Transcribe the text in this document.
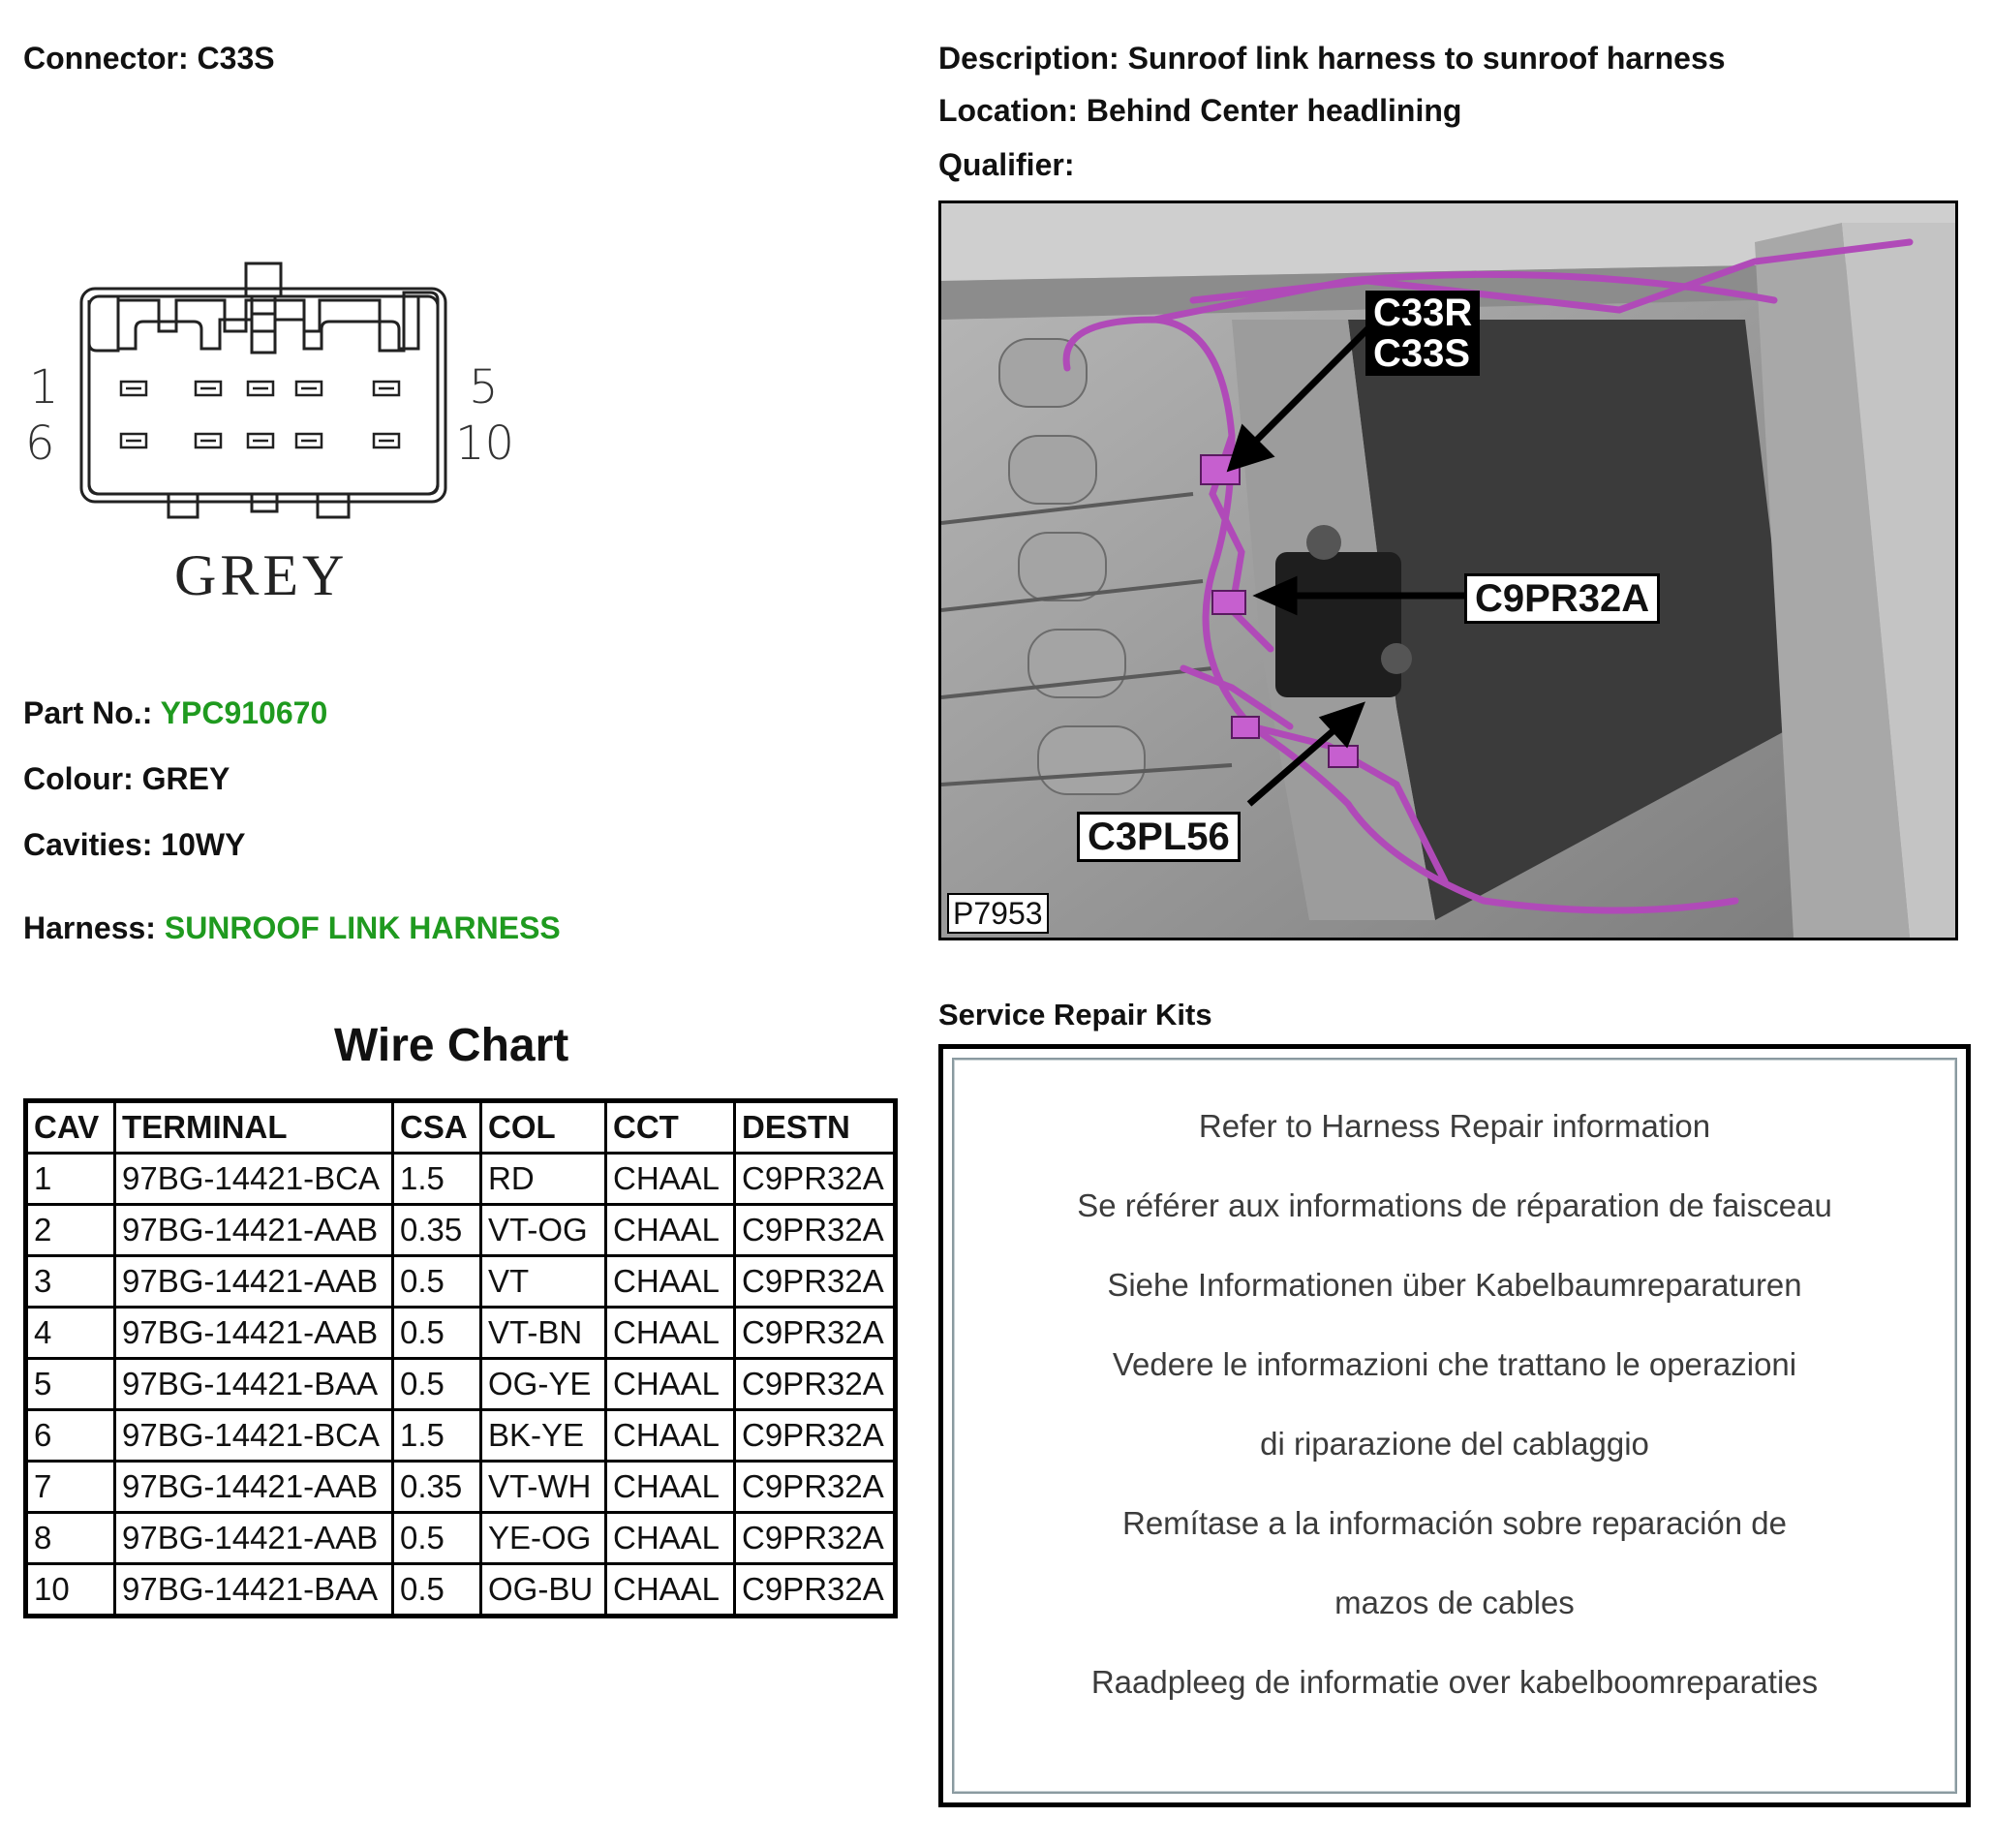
Connector: C33S	Description: Sunroof link harness to sunroof harness
Location: Behind Center headlining
Qualifier:
1
6
5
10
GREY
Part No.: YPC910670
Colour: GREY
Cavities: 10WY
Harness: SUNROOF LINK HARNESS
Wire Chart
CAV	TERMINAL	CSA	COL	CCT	DESTN
1	97BG-14421-BCA	1.5	RD	CHAAL	C9PR32A
2	97BG-14421-AAB	0.35	VT-OG	CHAAL	C9PR32A
3	97BG-14421-AAB	0.5	VT	CHAAL	C9PR32A
4	97BG-14421-AAB	0.5	VT-BN	CHAAL	C9PR32A
5	97BG-14421-BAA	0.5	OG-YE	CHAAL	C9PR32A
6	97BG-14421-BCA	1.5	BK-YE	CHAAL	C9PR32A
7	97BG-14421-AAB	0.35	VT-WH	CHAAL	C9PR32A
8	97BG-14421-AAB	0.5	YE-OG	CHAAL	C9PR32A
10	97BG-14421-BAA	0.5	OG-BU	CHAAL	C9PR32A
C33R
C33S
C9PR32A
C3PL56
P7953
Service Repair Kits
Refer to Harness Repair information
Se référer aux informations de réparation de faisceau
Siehe Informationen über Kabelbaumreparaturen
Vedere le informazioni che trattano le operazioni
di riparazione del cablaggio
Remítase a la información sobre reparación de
mazos de cables
Raadpleeg de informatie over kabelboomreparaties
